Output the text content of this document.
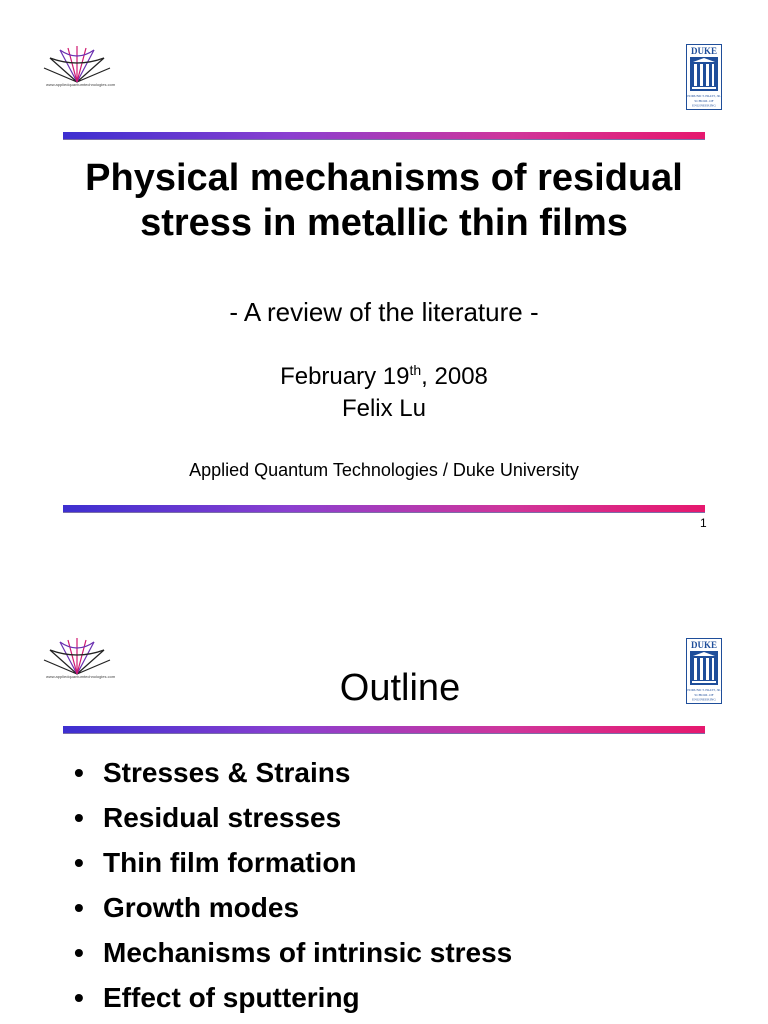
www.appliedquantumtechnologies.com
DUKE
EDMUND T. PRATT, JR.
SCHOOL OF
ENGINEERING
Physical mechanisms of residual stress in metallic thin films
- A review of the literature -
February 19th, 2008
Felix Lu
Applied Quantum Technologies / Duke University
1
www.appliedquantumtechnologies.com
DUKE
EDMUND T. PRATT, JR.
SCHOOL OF
ENGINEERING
Outline
• Stresses & Strains
• Residual stresses
• Thin film formation
• Growth modes
• Mechanisms of intrinsic stress
• Effect of sputtering
